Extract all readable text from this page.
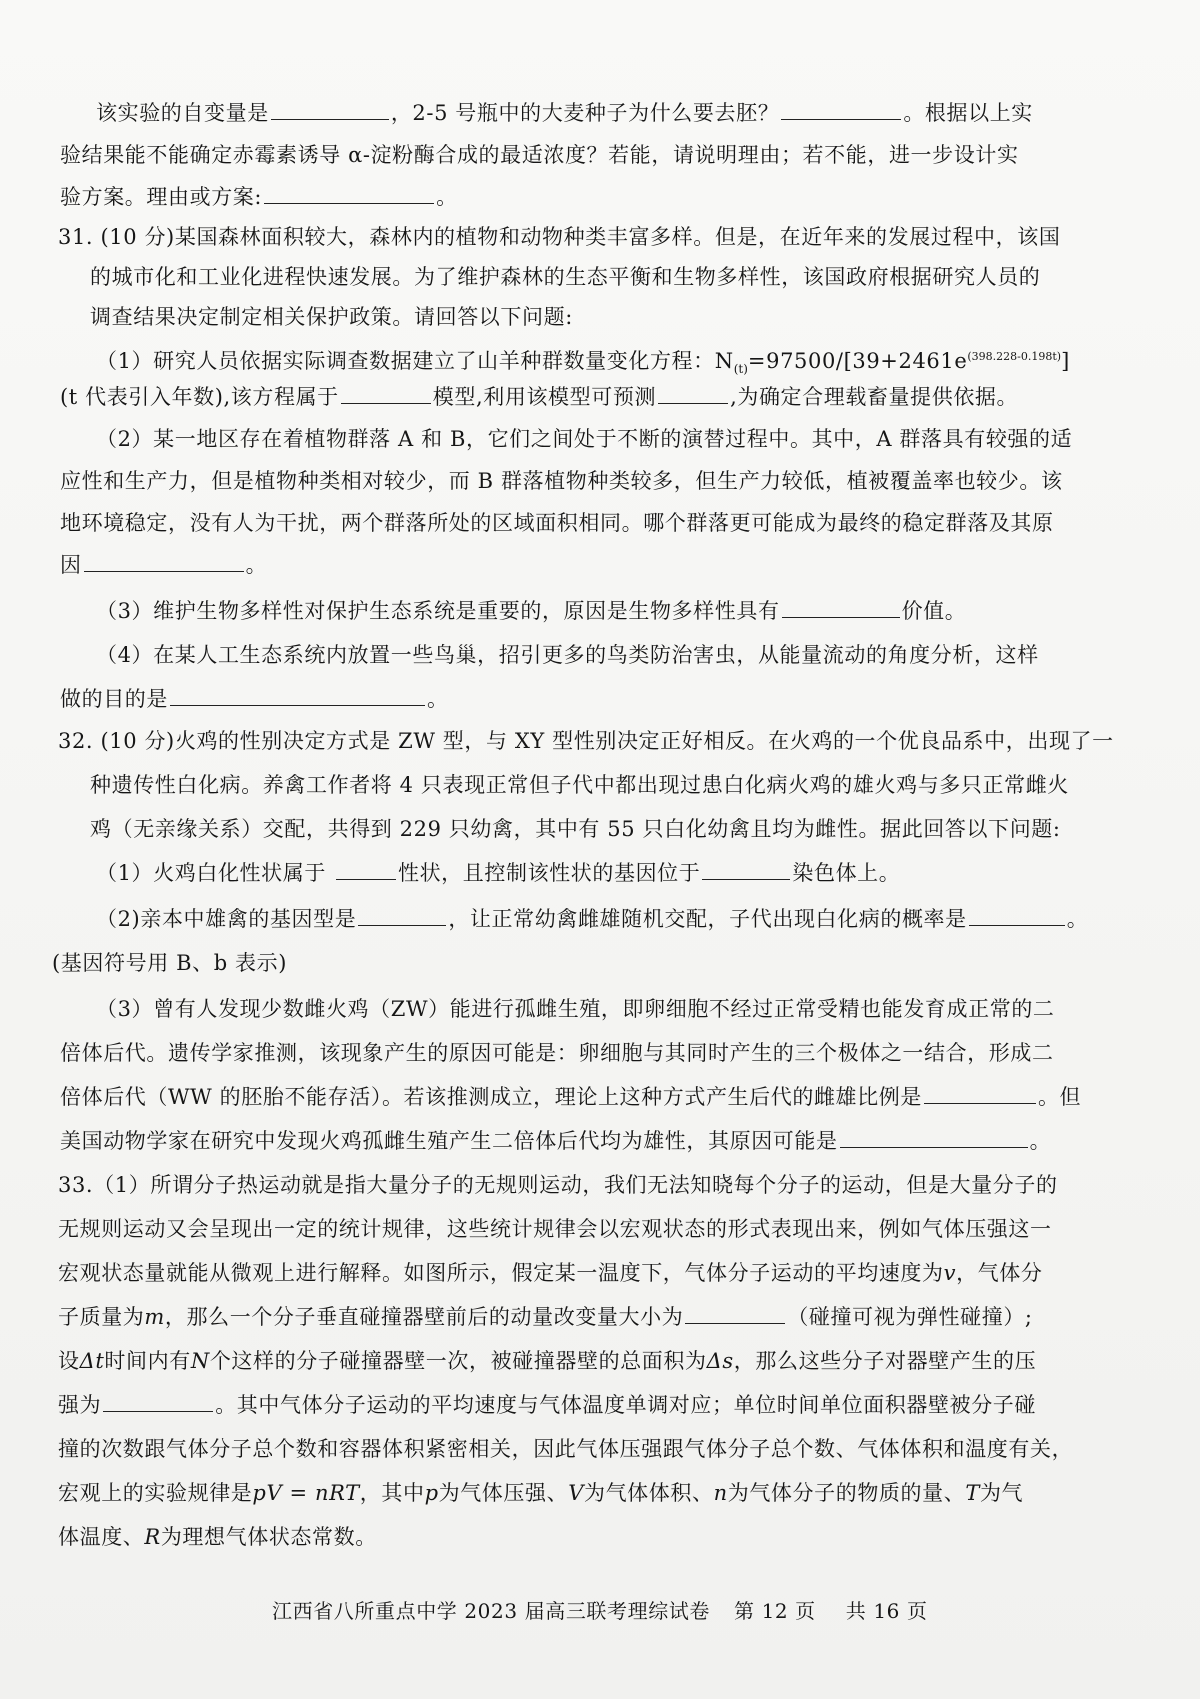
该实验的自变量是	，2-5 号瓶中的大麦种子为什么要去胚？	。根据以上实
验结果能不能确定赤霉素诱导 α-淀粉酶合成的最适浓度？若能，请说明理由；若不能，进一步设计实
验方案。理由或方案:	。
31. (10 分)某国森林面积较大，森林内的植物和动物种类丰富多样。但是，在近年来的发展过程中，该国
的城市化和工业化进程快速发展。为了维护森林的生态平衡和生物多样性，该国政府根据研究人员的
调查结果决定制定相关保护政策。请回答以下问题:
（1）研究人员依据实际调查数据建立了山羊种群数量变化方程：$N_{(t)}=97500/[39+2461e^{(398.228-0.198t)}]$
(t 代表引入年数),该方程属于	模型,利用该模型可预测	,为确定合理载畜量提供依据。
（2）某一地区存在着植物群落 A 和 B，它们之间处于不断的演替过程中。其中，A 群落具有较强的适
应性和生产力，但是植物种类相对较少，而 B 群落植物种类较多，但生产力较低，植被覆盖率也较少。该
地环境稳定，没有人为干扰，两个群落所处的区域面积相同。哪个群落更可能成为最终的稳定群落及其原
因	。
（3）维护生物多样性对保护生态系统是重要的，原因是生物多样性具有	价值。
（4）在某人工生态系统内放置一些鸟巢，招引更多的鸟类防治害虫，从能量流动的角度分析，这样
做的目的是	。
32. (10 分)火鸡的性别决定方式是 ZW 型，与 XY 型性别决定正好相反。在火鸡的一个优良品系中，出现了一
种遗传性白化病。养禽工作者将 4 只表现正常但子代中都出现过患白化病火鸡的雄火鸡与多只正常雌火
鸡（无亲缘关系）交配，共得到 229 只幼禽，其中有 55 只白化幼禽且均为雌性。据此回答以下问题:
（1）火鸡白化性状属于	性状，且控制该性状的基因位于	染色体上。
（2)亲本中雄禽的基因型是	，让正常幼禽雌雄随机交配，子代出现白化病的概率是	。
(基因符号用 B、b 表示)
（3）曾有人发现少数雌火鸡（ZW）能进行孤雌生殖，即卵细胞不经过正常受精也能发育成正常的二
倍体后代。遗传学家推测，该现象产生的原因可能是：卵细胞与其同时产生的三个极体之一结合，形成二
倍体后代（WW 的胚胎不能存活）。若该推测成立，理论上这种方式产生后代的雌雄比例是	。但
美国动物学家在研究中发现火鸡孤雌生殖产生二倍体后代均为雄性，其原因可能是	。
33.（1）所谓分子热运动就是指大量分子的无规则运动，我们无法知晓每个分子的运动，但是大量分子的
无规则运动又会呈现出一定的统计规律，这些统计规律会以宏观状态的形式表现出来，例如气体压强这一
宏观状态量就能从微观上进行解释。如图所示，假定某一温度下，气体分子运动的平均速度为v，气体分
子质量为m，那么一个分子垂直碰撞器壁前后的动量改变量大小为	（碰撞可视为弹性碰撞）;
设Δt时间内有N个这样的分子碰撞器壁一次，被碰撞器壁的总面积为Δs，那么这些分子对器壁产生的压
强为	。其中气体分子运动的平均速度与气体温度单调对应；单位时间单位面积器壁被分子碰
撞的次数跟气体分子总个数和容器体积紧密相关，因此气体压强跟气体分子总个数、气体体积和温度有关，
宏观上的实验规律是pV = nRT，其中p为气体压强、V为气体体积、n为气体分子的物质的量、T为气
体温度、R为理想气体状态常数。
江西省八所重点中学 2023 届高三联考理综试卷 第 12 页 共 16 页
